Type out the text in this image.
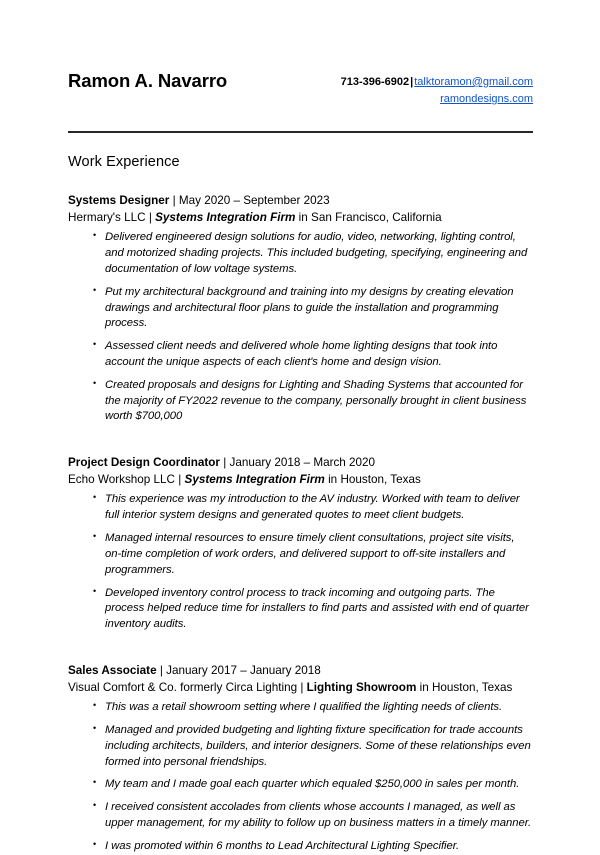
Ramon A. Navarro	713-396-6902|talktoramon@gmail.com
ramondesigns.com
Work Experience
Systems Designer | May 2020 – September 2023
Hermary's LLC | Systems Integration Firm in San Francisco, California
• Delivered engineered design solutions for audio, video, networking, lighting control, and motorized shading projects. This included budgeting, specifying, engineering and documentation of low voltage systems.
• Put my architectural background and training into my designs by creating elevation drawings and architectural floor plans to guide the installation and programming process.
• Assessed client needs and delivered whole home lighting designs that took into account the unique aspects of each client's home and design vision.
• Created proposals and designs for Lighting and Shading Systems that accounted for the majority of FY2022 revenue to the company, personally brought in client business worth $700,000
Project Design Coordinator | January 2018 – March 2020
Echo Workshop LLC | Systems Integration Firm in Houston, Texas
• This experience was my introduction to the AV industry. Worked with team to deliver full interior system designs and generated quotes to meet client budgets.
• Managed internal resources to ensure timely client consultations, project site visits, on-time completion of work orders, and delivered support to off-site installers and programmers.
• Developed inventory control process to track incoming and outgoing parts. The process helped reduce time for installers to find parts and assisted with end of quarter inventory audits.
Sales Associate | January 2017 – January 2018
Visual Comfort & Co. formerly Circa Lighting | Lighting Showroom in Houston, Texas
• This was a retail showroom setting where I qualified the lighting needs of clients.
• Managed and provided budgeting and lighting fixture specification for trade accounts including architects, builders, and interior designers. Some of these relationships even formed into personal friendships.
• My team and I made goal each quarter which equaled $250,000 in sales per month.
• I received consistent accolades from clients whose accounts I managed, as well as upper management, for my ability to follow up on business matters in a timely manner.
• I was promoted within 6 months to Lead Architectural Lighting Specifier.
